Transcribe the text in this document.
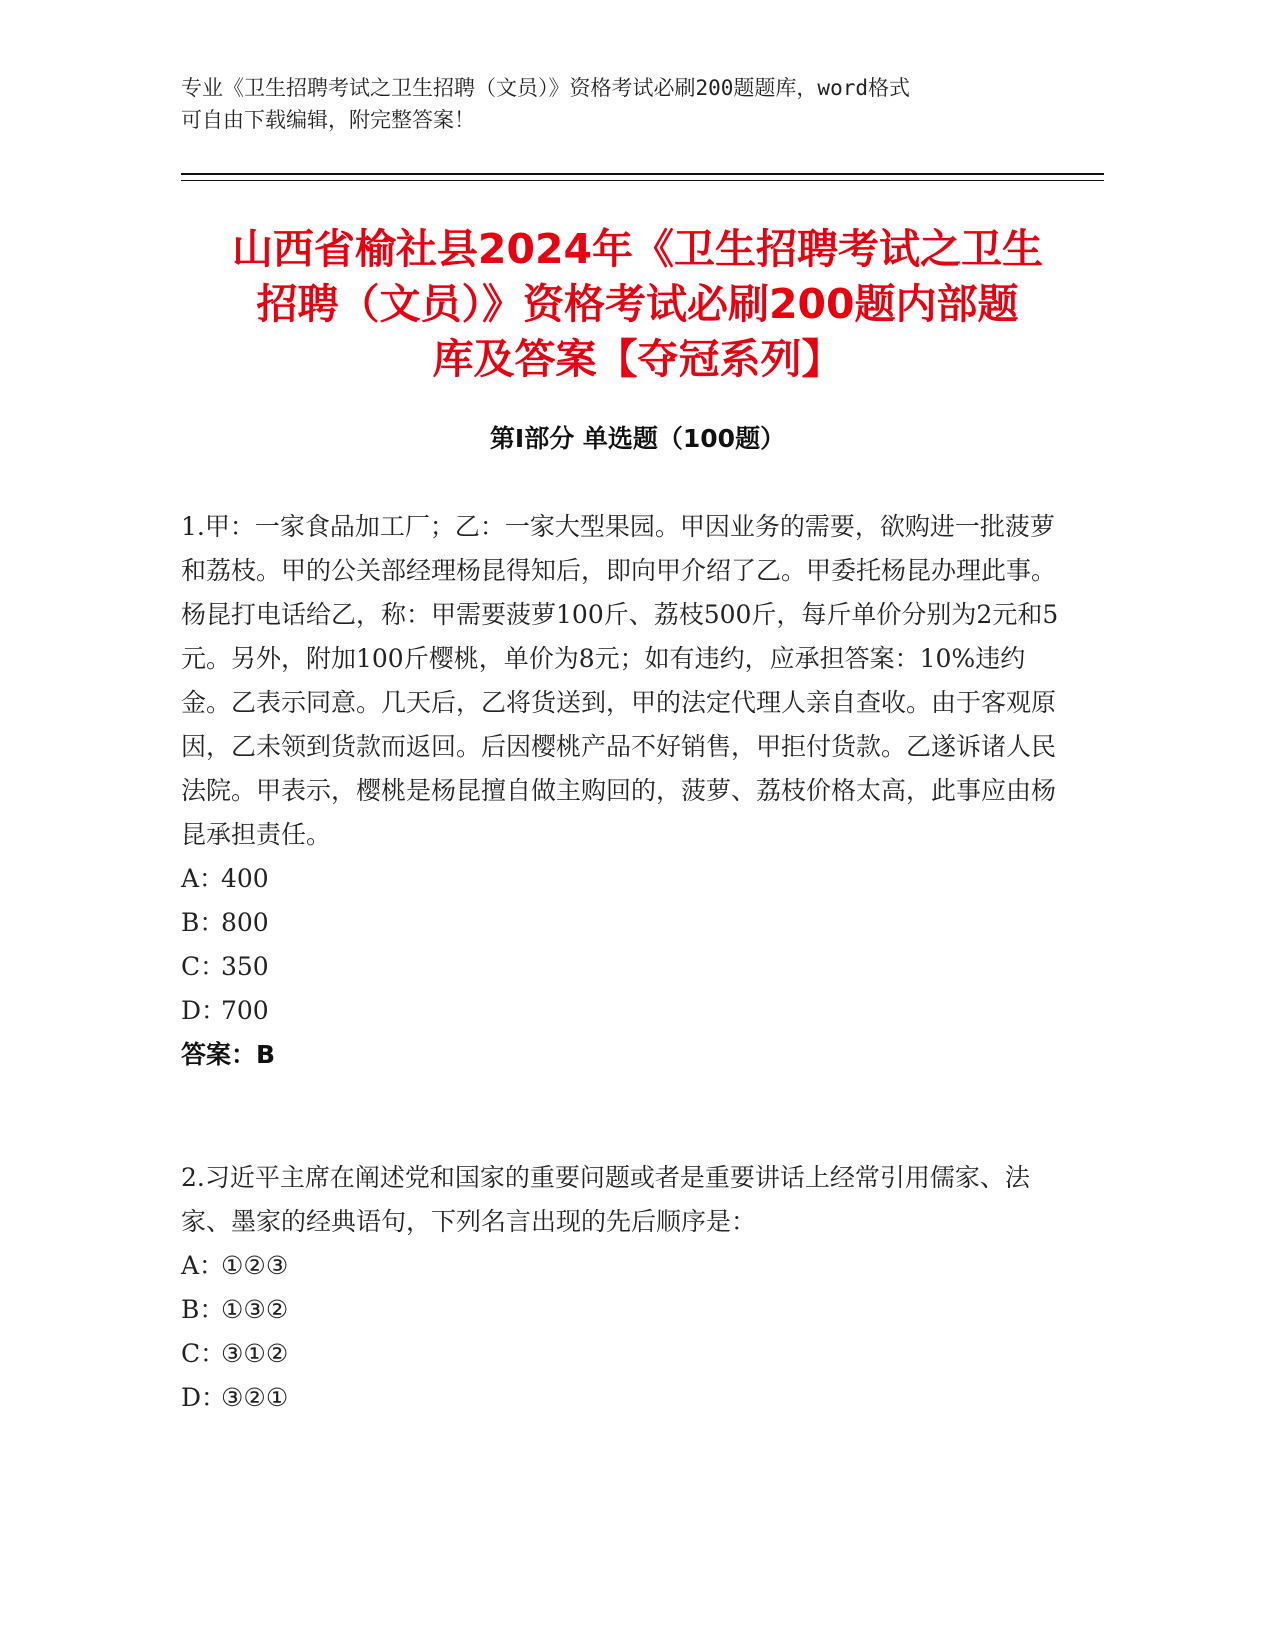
专业《卫生招聘考试之卫生招聘（文员）》资格考试必刷200题题库，word格式
可自由下载编辑，附完整答案！
山西省榆社县2024年《卫生招聘考试之卫生
招聘（文员）》资格考试必刷200题内部题
库及答案【夺冠系列】
第Ⅰ部分 单选题（100题）

1.甲：一家食品加工厂；乙：一家大型果园。甲因业务的需要，欲购进一批菠萝和荔枝。甲的公关部经理杨昆得知后，即向甲介绍了乙。甲委托杨昆办理此事。杨昆打电话给乙，称：甲需要菠萝100斤、荔枝500斤，每斤单价分别为2元和5元。另外，附加100斤樱桃，单价为8元；如有违约，应承担答案：10%违约金。乙表示同意。几天后，乙将货送到，甲的法定代理人亲自查收。由于客观原因，乙未领到货款而返回。后因樱桃产品不好销售，甲拒付货款。乙遂诉诸人民法院。甲表示，樱桃是杨昆擅自做主购回的，菠萝、荔枝价格太高，此事应由杨昆承担责任。

A：400

B：800

C：350

D：700

答案：B

2.习近平主席在阐述党和国家的重要问题或者是重要讲话上经常引用儒家、法家、墨家的经典语句，下列名言出现的先后顺序是：

A：①②③

B：①③②

C：③①②

D：③②①
